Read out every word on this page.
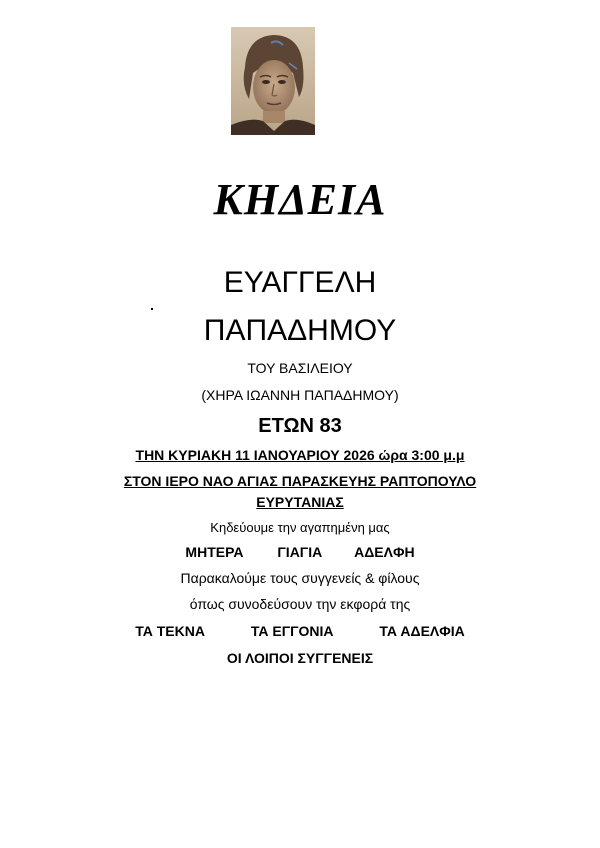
ΚΗΔΕΙΑ
ΕΥΑΓΓΕΛΗ
ΠΑΠΑΔΗΜΟΥ
ΤΟΥ ΒΑΣΙΛΕΙΟΥ
(ΧΗΡΑ ΙΩΑΝΝΗ ΠΑΠΑΔΗΜΟΥ)
ΕΤΩΝ 83
ΤΗΝ ΚΥΡΙΑΚΗ 11 ΙΑΝΟΥΑΡΙΟΥ 2026 ώρα 3:00 μ.μ
ΣΤΟΝ ΙΕΡΟ ΝΑΟ ΑΓΙΑΣ ΠΑΡΑΣΚΕΥΗΣ ΡΑΠΤΟΠΟΥΛΟ
ΕΥΡΥΤΑΝΙΑΣ
Κηδεύουμε την αγαπημένη μας
ΜΗΤΕΡΑ ΓΙΑΓΙΑ ΑΔΕΛΦΗ
Παρακαλούμε τους συγγενείς & φίλους
όπως συνοδεύσουν την εκφορά της
ΤΑ ΤΕΚΝΑ	ΤΑ ΕΓΓΟΝΙΑ	ΤΑ ΑΔΕΛΦΙΑ
ΟΙ ΛΟΙΠΟΙ ΣΥΓΓΕΝΕΙΣ
